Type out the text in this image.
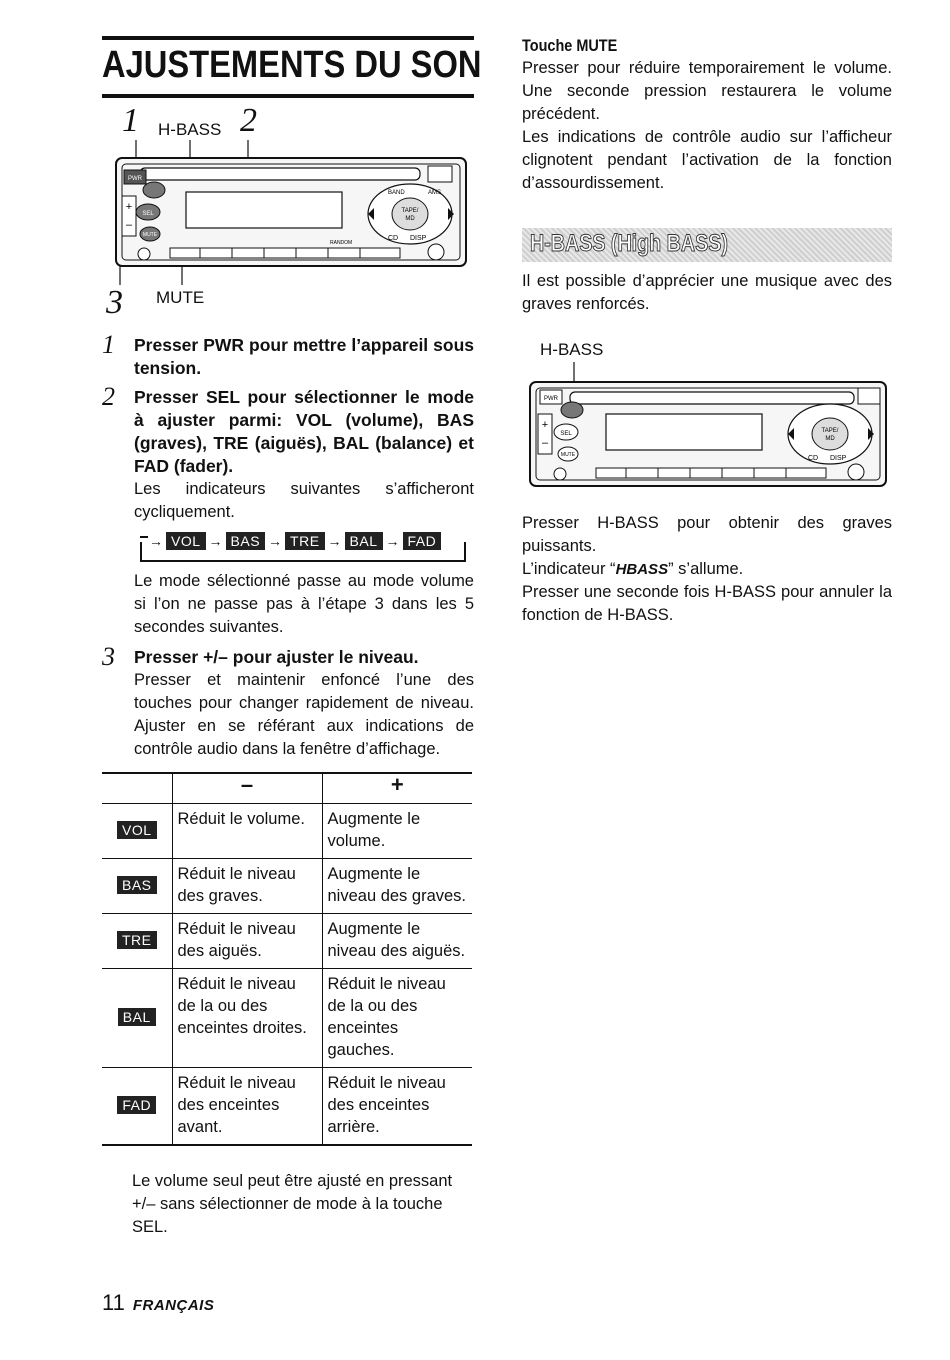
AJUSTEMENTS DU SON
1 H-BASS 2
3 MUTE
PWR
+
–
SEL
MUTE
TAPE/
MD
CD DISP
BAND	AMS
RANDOM
1 Presser PWR pour mettre l’appareil sous tension.
2 Presser SEL pour sélectionner le mode à ajuster parmi: VOL (volume), BAS (graves), TRE (aiguës), BAL (balance) et FAD (fader).
Les indicateurs suivantes s’afficheront cycliquement.
→ VOL → BAS → TRE → BAL → FAD
Le mode sélectionné passe au mode volume si l’on ne passe pas à l’étape 3 dans les 5 secondes suivantes.
3 Presser +/– pour ajuster le niveau.
Presser et maintenir enfoncé l’une des touches pour changer rapidement de niveau. Ajuster en se référant aux indications de contrôle audio dans la fenêtre d’affichage.
	–	+
VOL	Réduit le volume.	Augmente le volume.
BAS	Réduit le niveau des graves.	Augmente le niveau des graves.
TRE	Réduit le niveau des aiguës.	Augmente le niveau des aiguës.
BAL	Réduit le niveau de la ou des enceintes droites.	Réduit le niveau de la ou des enceintes gauches.
FAD	Réduit le niveau des enceintes avant.	Réduit le niveau des enceintes arrière.
Le volume seul peut être ajusté en pressant +/– sans sélectionner de mode à la touche SEL.
11 FRANÇAIS
Touche MUTE
Presser pour réduire temporairement le volume. Une seconde pression restaurera le volume précédent.
Les indications de contrôle audio sur l’afficheur clignotent pendant l’activation de la fonction d’assourdissement.
H-BASS (High BASS)
Il est possible d’apprécier une musique avec des graves renforcés.
H-BASS
PWR
+
–
SEL
MUTE
TAPE/
MD
CD DISP
Presser H-BASS pour obtenir des graves puissants.
L’indicateur “HBASS” s’allume.
Presser une seconde fois H-BASS pour annuler la fonction de H-BASS.
